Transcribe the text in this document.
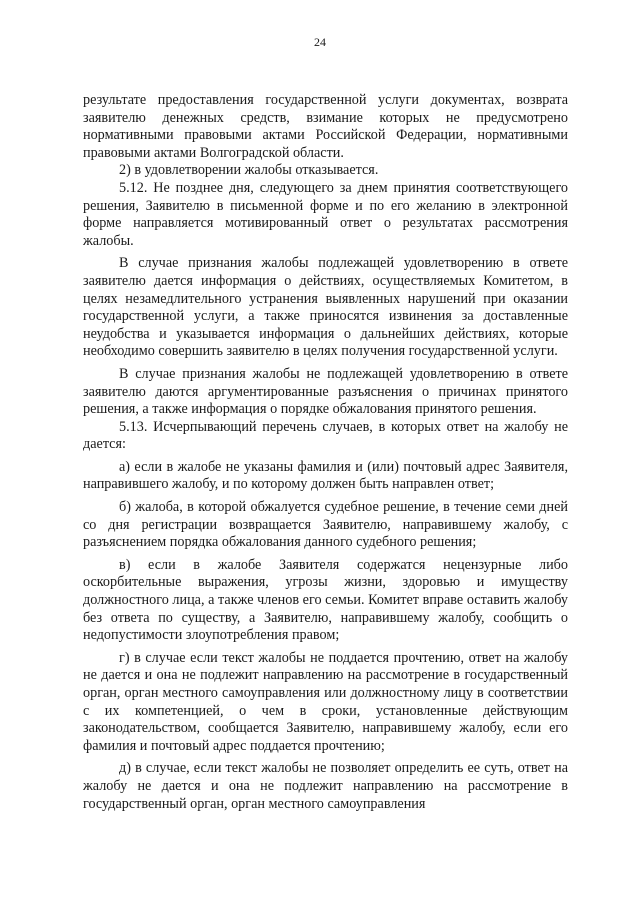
24

результате предоставления государственной услуги документах, возврата заявителю денежных средств, взимание которых не предусмотрено нормативными правовыми актами Российской Федерации, нормативными правовыми актами Волгоградской области.

2) в удовлетворении жалобы отказывается.

5.12. Не позднее дня, следующего за днем принятия соответствующего решения, Заявителю в письменной форме и по его желанию в электронной форме направляется мотивированный ответ о результатах рассмотрения жалобы.

В случае признания жалобы подлежащей удовлетворению в ответе заявителю дается информация о действиях, осуществляемых Комитетом, в целях незамедлительного устранения выявленных нарушений при оказании государственной услуги, а также приносятся извинения за доставленные неудобства и указывается информация о дальнейших действиях, которые необходимо совершить заявителю в целях получения государственной услуги.

В случае признания жалобы не подлежащей удовлетворению в ответе заявителю даются аргументированные разъяснения о причинах принятого решения, а также информация о порядке обжалования принятого решения.

5.13. Исчерпывающий перечень случаев, в которых ответ на жалобу не дается:

а) если в жалобе не указаны фамилия и (или) почтовый адрес Заявителя, направившего жалобу, и по которому должен быть направлен ответ;

б) жалоба, в которой обжалуется судебное решение, в течение семи дней со дня регистрации возвращается Заявителю, направившему жалобу, с разъяснением порядка обжалования данного судебного решения;

в) если в жалобе Заявителя содержатся нецензурные либо оскорбительные выражения, угрозы жизни, здоровью и имуществу должностного лица, а также членов его семьи. Комитет вправе оставить жалобу без ответа по существу, а Заявителю, направившему жалобу, сообщить о недопустимости злоупотребления правом;

г) в случае если текст жалобы не поддается прочтению, ответ на жалобу не дается и она не подлежит направлению на рассмотрение в государственный орган, орган местного самоуправления или должностному лицу в соответствии с их компетенцией, о чем в сроки, установленные действующим законодательством, сообщается Заявителю, направившему жалобу, если его фамилия и почтовый адрес поддается прочтению;

д) в случае, если текст жалобы не позволяет определить ее суть, ответ на жалобу не дается и она не подлежит направлению на рассмотрение в государственный орган, орган местного самоуправления
